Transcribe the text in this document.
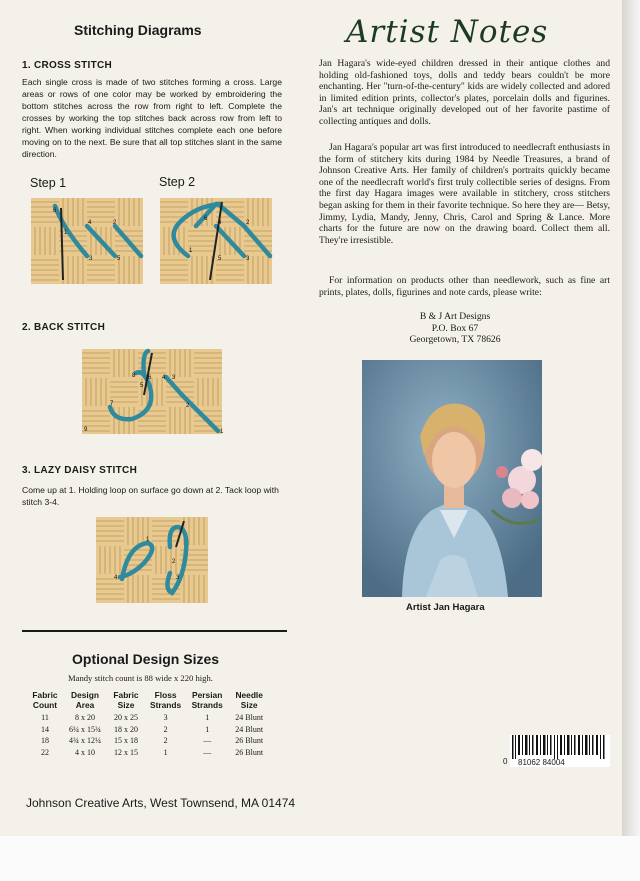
Stitching Diagrams
1. CROSS STITCH
Each single cross is made of two stitches forming a cross. Large areas or rows of one color may be worked by embroidering the bottom stitches across the row from right to left. Complete the crosses by working the top stitches back across row from left to right. When working individual stitches complete each one before moving on to the next. Be sure that all top stitches slant in the same direction.
Step 1	Step 2
1
2
3
4
5
6
2
4
6
1
3
5
2. BACK STITCH
8 6 4
2
9
7
5
3
1
3. LAZY DAISY STITCH
Come up at 1. Holding loop on surface go down at 2. Tack loop with stitch 3-4.
1
2
3
4
Optional Design Sizes
Mandy stitch count is 88 wide x 220 high.
Fabric Count	Design Area	Fabric Size	Floss Strands	Persian Strands	Needle Size
11	8 x 20	20 x 25	3	1	24 Blunt
14	6¼ x 15¾	18 x 20	2	1	24 Blunt
18	4¾ x 12¼	15 x 18	2	—	26 Blunt
22	4 x 10	12 x 15	1	—	26 Blunt
Johnson Creative Arts, West Townsend, MA 01474
Artist Notes
Jan Hagara's wide-eyed children dressed in their antique clothes and holding old-fashioned toys, dolls and teddy bears couldn't be more enchanting. Her "turn-of-the-century" kids are widely collected and adored in limited edition prints, collector's plates, porcelain dolls and figurines. Jan's art technique originally developed out of her favorite pastime of collecting antiques and dolls.
Jan Hagara's popular art was first introduced to needlecraft enthusiasts in the form of stitchery kits during 1984 by Needle Treasures, a brand of Johnson Creative Arts. Her family of children's portraits quickly became one of the needlecraft world's first truly collectible series of designs. From the first day Hagara images were available in stitchery, cross stitchers began asking for them in their favorite technique. So here they are— Betsy, Jimmy, Lydia, Mandy, Jenny, Chris, Carol and Spring & Lance. More charts for the future are now on the drawing board. Collect them all. They're irresistible.
For information on products other than needlework, such as fine art prints, plates, dolls, figurines and note cards, please write:
B & J Art Designs
P.O. Box 67
Georgetown, TX 78626
Artist Jan Hagara
0 81062 84004
